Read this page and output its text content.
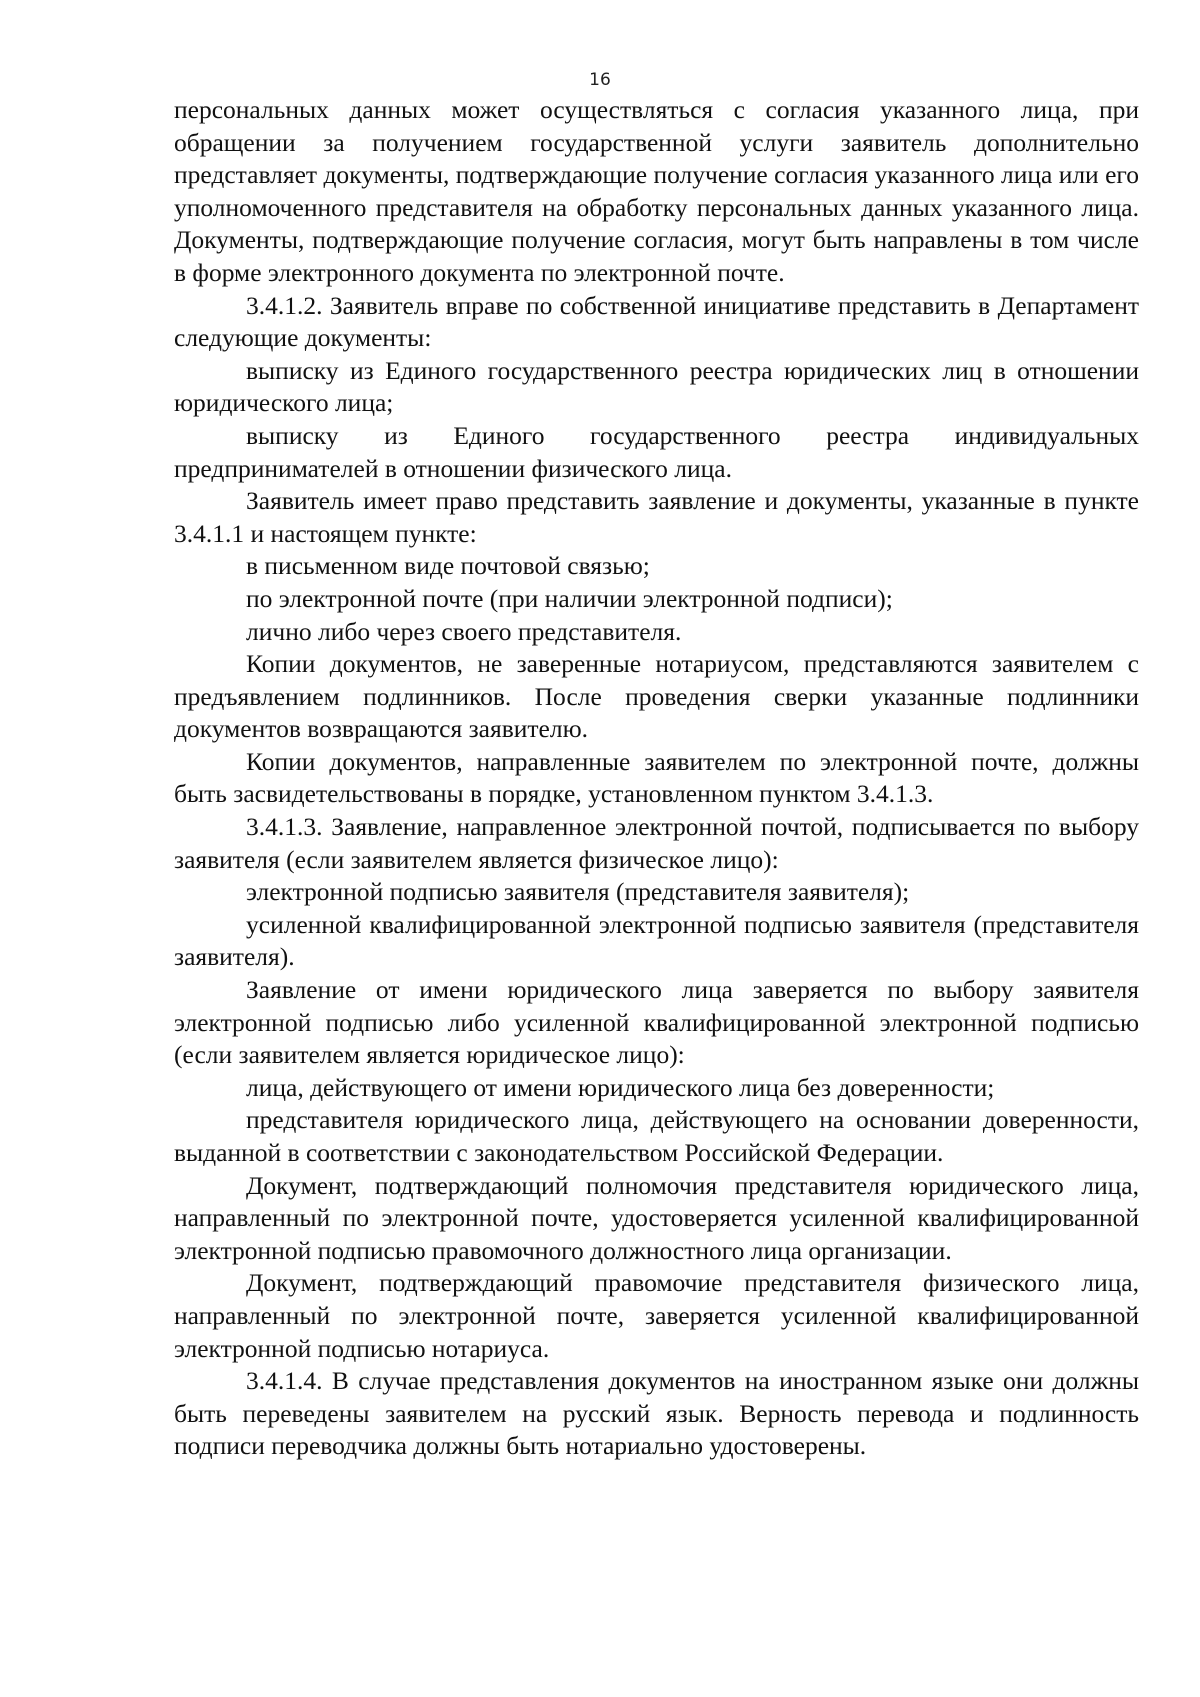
16

персональных данных может осуществляться с согласия указанного лица, при обращении за получением государственной услуги заявитель дополнительно представляет документы, подтверждающие получение согласия указанного лица или его уполномоченного представителя на обработку персональных данных указанного лица. Документы, подтверждающие получение согласия, могут быть направлены в том числе в форме электронного документа по электронной почте.

3.4.1.2. Заявитель вправе по собственной инициативе представить в Департамент следующие документы:

выписку из Единого государственного реестра юридических лиц в отношении юридического лица;

выписку из Единого государственного реестра индивидуальных предпринимателей в отношении физического лица.

Заявитель имеет право представить заявление и документы, указанные в пункте 3.4.1.1 и настоящем пункте:

в письменном виде почтовой связью;

по электронной почте (при наличии электронной подписи);

лично либо через своего представителя.

Копии документов, не заверенные нотариусом, представляются заявителем с предъявлением подлинников. После проведения сверки указанные подлинники документов возвращаются заявителю.

Копии документов, направленные заявителем по электронной почте, должны быть засвидетельствованы в порядке, установленном пунктом 3.4.1.3.

3.4.1.3. Заявление, направленное электронной почтой, подписывается по выбору заявителя (если заявителем является физическое лицо):

электронной подписью заявителя (представителя заявителя);

усиленной квалифицированной электронной подписью заявителя (представителя заявителя).

Заявление от имени юридического лица заверяется по выбору заявителя электронной подписью либо усиленной квалифицированной электронной подписью (если заявителем является юридическое лицо):

лица, действующего от имени юридического лица без доверенности;

представителя юридического лица, действующего на основании доверенности, выданной в соответствии с законодательством Российской Федерации.

Документ, подтверждающий полномочия представителя юридического лица, направленный по электронной почте, удостоверяется усиленной квалифицированной электронной подписью правомочного должностного лица организации.

Документ, подтверждающий правомочие представителя физического лица, направленный по электронной почте, заверяется усиленной квалифицированной электронной подписью нотариуса.

3.4.1.4. В случае представления документов на иностранном языке они должны быть переведены заявителем на русский язык. Верность перевода и подлинность подписи переводчика должны быть нотариально удостоверены.
